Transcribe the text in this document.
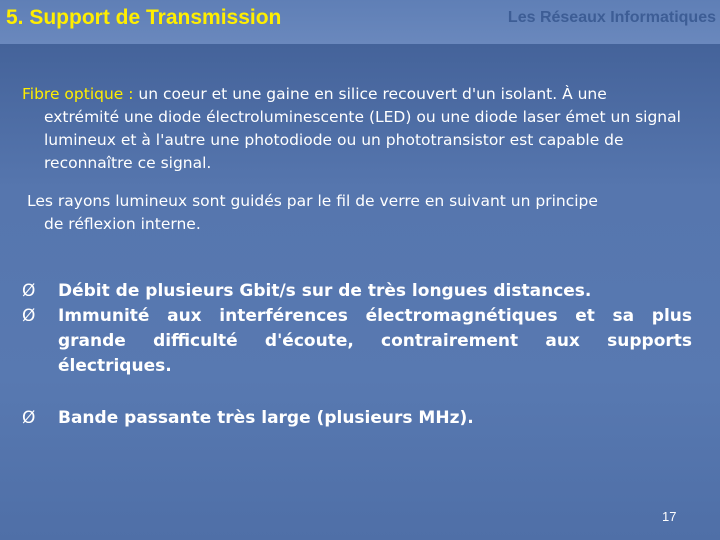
5. Support de Transmission	Les Réseaux Informatiques
Fibre optique : un coeur et une gaine en silice recouvert d'un isolant. À une
extrémité une diode électroluminescente (LED) ou une diode laser émet un signal lumineux et à l'autre une photodiode ou un phototransistor est capable de reconnaître ce signal.
Les rayons lumineux sont guidés par le fil de verre en suivant un principe
de réflexion interne.
Ø	Débit de plusieurs Gbit/s sur de très longues distances.
Ø	Immunité aux interférences électromagnétiques et sa plus grande difficulté d'écoute, contrairement aux supports électriques.
Ø	Bande passante très large (plusieurs MHz).
17
